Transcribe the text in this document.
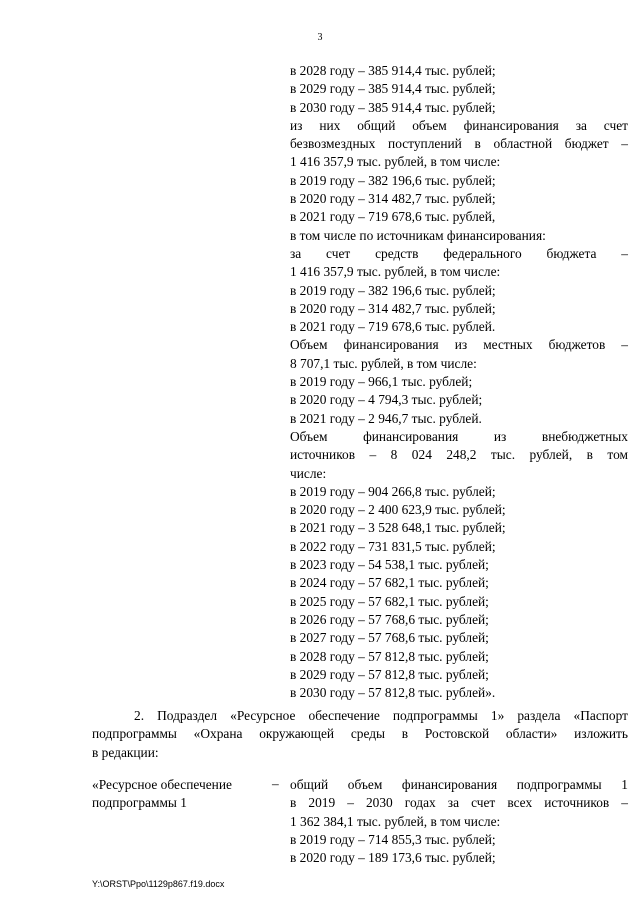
3
в 2028 году – 385 914,4 тыс. рублей;
в 2029 году – 385 914,4 тыс. рублей;
в 2030 году – 385 914,4 тыс. рублей;
из них общий объем финансирования за счет
безвозмездных поступлений в областной бюджет –
1 416 357,9 тыс. рублей, в том числе:
в 2019 году – 382 196,6 тыс. рублей;
в 2020 году – 314 482,7 тыс. рублей;
в 2021 году – 719 678,6 тыс. рублей,
в том числе по источникам финансирования:
за счет средств федерального бюджета –
1 416 357,9 тыс. рублей, в том числе:
в 2019 году – 382 196,6 тыс. рублей;
в 2020 году – 314 482,7 тыс. рублей;
в 2021 году – 719 678,6 тыс. рублей.
Объем финансирования из местных бюджетов –
8 707,1 тыс. рублей, в том числе:
в 2019 году – 966,1 тыс. рублей;
в 2020 году – 4 794,3 тыс. рублей;
в 2021 году – 2 946,7 тыс. рублей.
Объем финансирования из внебюджетных
источников – 8 024 248,2 тыс. рублей, в том
числе:
в 2019 году – 904 266,8 тыс. рублей;
в 2020 году – 2 400 623,9 тыс. рублей;
в 2021 году – 3 528 648,1 тыс. рублей;
в 2022 году – 731 831,5 тыс. рублей;
в 2023 году – 54 538,1 тыс. рублей;
в 2024 году – 57 682,1 тыс. рублей;
в 2025 году – 57 682,1 тыс. рублей;
в 2026 году – 57 768,6 тыс. рублей;
в 2027 году – 57 768,6 тыс. рублей;
в 2028 году – 57 812,8 тыс. рублей;
в 2029 году – 57 812,8 тыс. рублей;
в 2030 году – 57 812,8 тыс. рублей».
2. Подраздел «Ресурсное обеспечение подпрограммы 1» раздела «Паспорт
подпрограммы «Охрана окружающей среды в Ростовской области» изложить
в редакции:
«Ресурсное обеспечение
подпрограммы 1
– общий объем финансирования подпрограммы 1
в 2019 – 2030 годах за счет всех источников –
1 362 384,1 тыс. рублей, в том числе:
в 2019 году – 714 855,3 тыс. рублей;
в 2020 году – 189 173,6 тыс. рублей;
Y:\ORST\Ppo\1129p867.f19.docx
